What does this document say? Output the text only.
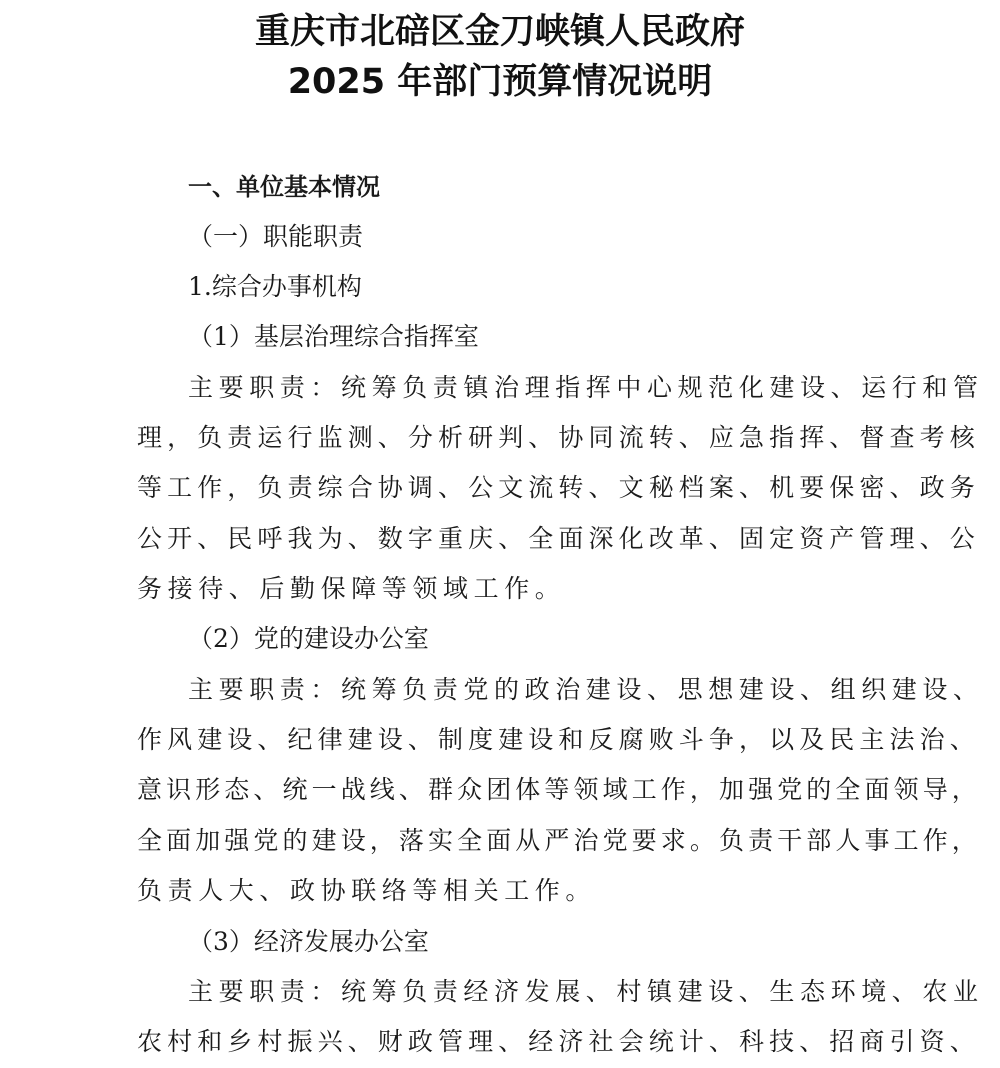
重庆市北碚区金刀峡镇人民政府
2025 年部门预算情况说明
一、单位基本情况
（一）职能职责
1.综合办事机构
（1）基层治理综合指挥室
主要职责：统筹负责镇治理指挥中心规范化建设、运行和管
理，负责运行监测、分析研判、协同流转、应急指挥、督查考核
等工作，负责综合协调、公文流转、文秘档案、机要保密、政务
公开、民呼我为、数字重庆、全面深化改革、固定资产管理、公
务接待、后勤保障等领域工作。
（2）党的建设办公室
主要职责：统筹负责党的政治建设、思想建设、组织建设、
作风建设、纪律建设、制度建设和反腐败斗争，以及民主法治、
意识形态、统一战线、群众团体等领域工作，加强党的全面领导，
全面加强党的建设，落实全面从严治党要求。负责干部人事工作，
负责人大、政协联络等相关工作。
（3）经济发展办公室
主要职责：统筹负责经济发展、村镇建设、生态环境、农业
农村和乡村振兴、财政管理、经济社会统计、科技、招商引资、
